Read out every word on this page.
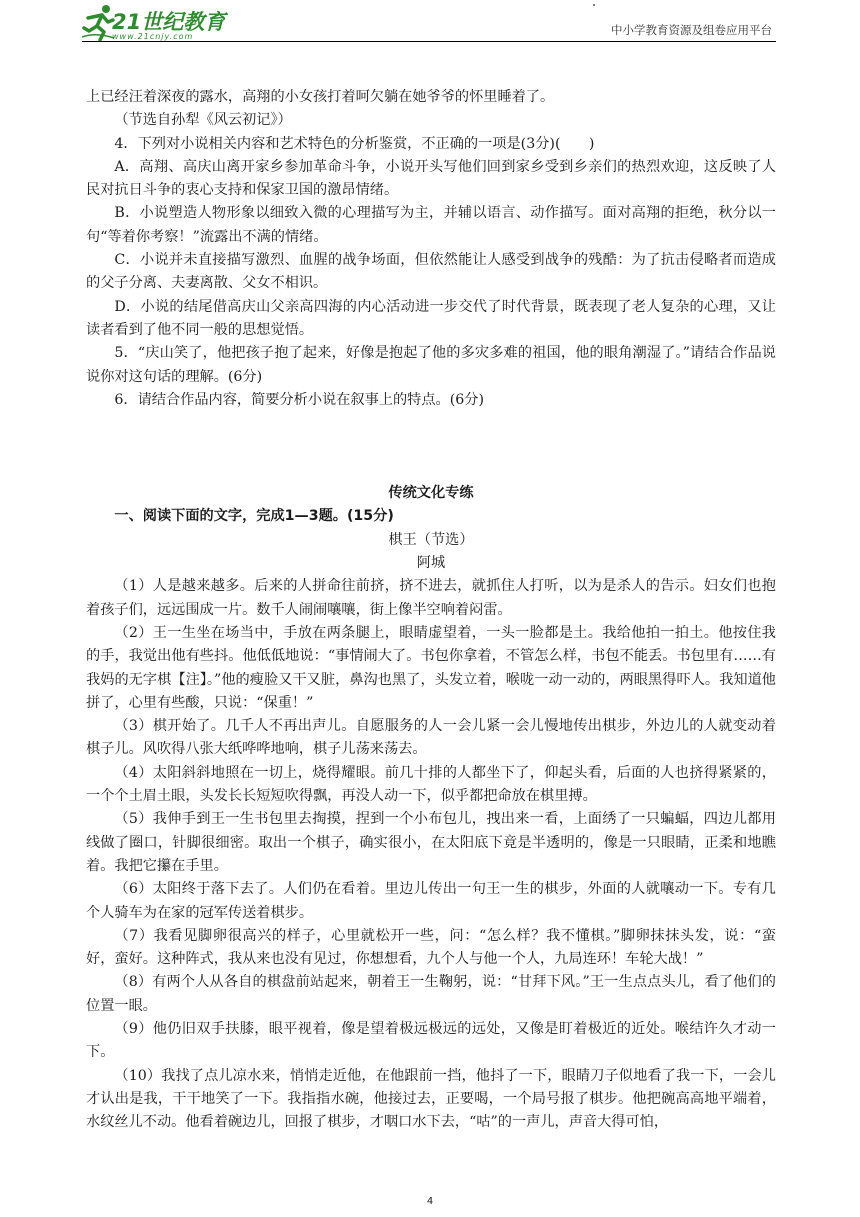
21世纪教育
www.21cnjy.com	中小学教育资源及组卷应用平台

上已经汪着深夜的露水，高翔的小女孩打着呵欠躺在她爷爷的怀里睡着了。

（节选自孙犁《风云初记》）

4．下列对小说相关内容和艺术特色的分析鉴赏，不正确的一项是(3分)(　　)

A．高翔、高庆山离开家乡参加革命斗争，小说开头写他们回到家乡受到乡亲们的热烈欢迎，这反映了人民对抗日斗争的衷心支持和保家卫国的激昂情绪。

B．小说塑造人物形象以细致入微的心理描写为主，并辅以语言、动作描写。面对高翔的拒绝，秋分以一句“等着你考察！”流露出不满的情绪。

C．小说并未直接描写激烈、血腥的战争场面，但依然能让人感受到战争的残酷：为了抗击侵略者而造成的父子分离、夫妻离散、父女不相识。

D．小说的结尾借高庆山父亲高四海的内心活动进一步交代了时代背景，既表现了老人复杂的心理，又让读者看到了他不同一般的思想觉悟。

5．“庆山笑了，他把孩子抱了起来，好像是抱起了他的多灾多难的祖国，他的眼角潮湿了。”请结合作品说说你对这句话的理解。(6分)

6．请结合作品内容，简要分析小说在叙事上的特点。(6分)

传统文化专练

一、阅读下面的文字，完成1—3题。(15分)

棋王（节选）

阿城

（1）人是越来越多。后来的人拼命往前挤，挤不进去，就抓住人打听，以为是杀人的告示。妇女们也抱着孩子们，远远围成一片。数千人闹闹嚷嚷，街上像半空响着闷雷。

（2）王一生坐在场当中，手放在两条腿上，眼睛虚望着，一头一脸都是土。我给他拍一拍土。他按住我的手，我觉出他有些抖。他低低地说：“事情闹大了。书包你拿着，不管怎么样，书包不能丢。书包里有……有我妈的无字棋【注】。”他的瘦脸又干又脏，鼻沟也黑了，头发立着，喉咙一动一动的，两眼黑得吓人。我知道他拼了，心里有些酸，只说：“保重！”

（3）棋开始了。几千人不再出声儿。自愿服务的人一会儿紧一会儿慢地传出棋步，外边儿的人就变动着棋子儿。风吹得八张大纸哗哗地响，棋子儿荡来荡去。

（4）太阳斜斜地照在一切上，烧得耀眼。前几十排的人都坐下了，仰起头看，后面的人也挤得紧紧的，一个个土眉土眼，头发长长短短吹得飘，再没人动一下，似乎都把命放在棋里搏。

（5）我伸手到王一生书包里去掏摸，捏到一个小布包儿，拽出来一看，上面绣了一只蝙蝠，四边儿都用线做了圈口，针脚很细密。取出一个棋子，确实很小，在太阳底下竟是半透明的，像是一只眼睛，正柔和地瞧着。我把它攥在手里。

（6）太阳终于落下去了。人们仍在看着。里边儿传出一句王一生的棋步，外面的人就嚷动一下。专有几个人骑车为在家的冠军传送着棋步。

（7）我看见脚卵很高兴的样子，心里就松开一些，问：“怎么样？我不懂棋。”脚卵抹抹头发，说：“蛮好，蛮好。这种阵式，我从来也没有见过，你想想看，九个人与他一个人，九局连环！车轮大战！”

（8）有两个人从各自的棋盘前站起来，朝着王一生鞠躬，说：“甘拜下风。”王一生点点头儿，看了他们的位置一眼。

（9）他仍旧双手扶膝，眼平视着，像是望着极远极远的远处，又像是盯着极近的近处。喉结许久才动一下。

（10）我找了点儿凉水来，悄悄走近他，在他跟前一挡，他抖了一下，眼睛刀子似地看了我一下，一会儿才认出是我，干干地笑了一下。我指指水碗，他接过去，正要喝，一个局号报了棋步。他把碗高高地平端着，水纹丝儿不动。他看着碗边儿，回报了棋步，才咽口水下去，“咕”的一声儿，声音大得可怕，

4
